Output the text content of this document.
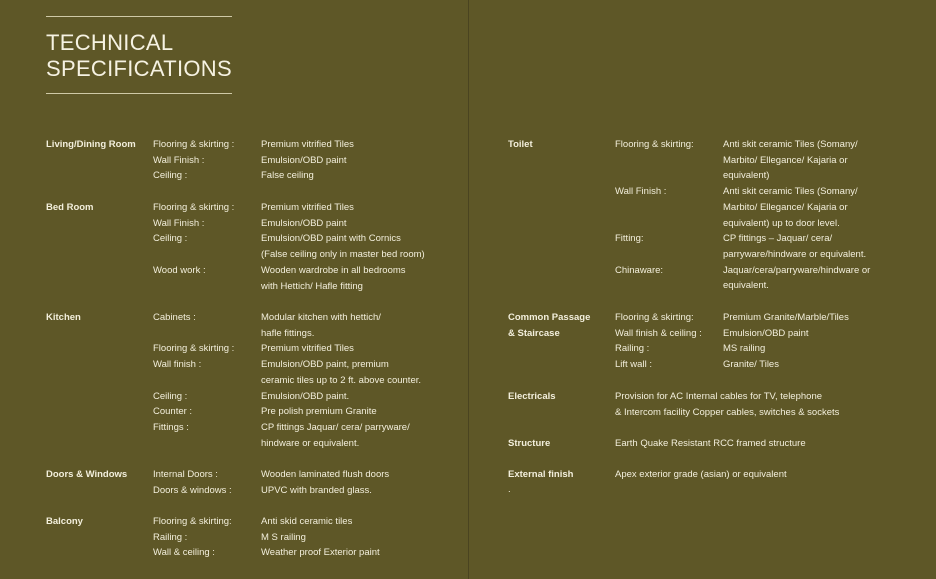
TECHNICAL
SPECIFICATIONS
Living/Dining Room	Flooring & skirting :	Premium vitrified Tiles
Wall Finish :	Emulsion/OBD paint
Ceiling :	False ceiling
Bed Room	Flooring & skirting :	Premium vitrified Tiles
Wall Finish :	Emulsion/OBD paint
Ceiling :	Emulsion/OBD paint with Cornics
(False ceiling only in master bed room)
Wood work :	Wooden wardrobe in all bedrooms
with Hettich/ Hafle fitting
Kitchen	Cabinets :	Modular kitchen with hettich/
hafle fittings.
Flooring & skirting :	Premium vitrified Tiles
Wall finish :	Emulsion/OBD paint, premium
ceramic tiles up to 2 ft. above counter.
Ceiling :	Emulsion/OBD paint.
Counter :	Pre polish premium Granite
Fittings :	CP fittings Jaquar/ cera/ parryware/
hindware or equivalent.
Doors & Windows	Internal Doors :	Wooden laminated flush doors
Doors & windows :	UPVC with branded glass.
Balcony	Flooring & skirting:	Anti skid ceramic tiles
Railing :	M S railing
Wall & ceiling :	Weather proof Exterior paint
.
Toilet	Flooring & skirting:	Anti skit ceramic Tiles (Somany/
Marbito/ Ellegance/ Kajaria or
equivalent)
Wall Finish :	Anti skit ceramic Tiles (Somany/
Marbito/ Ellegance/ Kajaria or
equivalent) up to door level.
Fitting:	CP fittings – Jaquar/ cera/
parryware/hindware or equivalent.
Chinaware:	Jaquar/cera/parryware/hindware or
equivalent.
Common Passage
& Staircase
Flooring & skirting:	Premium Granite/Marble/Tiles
Wall finish & ceiling :	Emulsion/OBD paint
Railing :	MS railing
Lift wall :	Granite/ Tiles
Electricals	Provision for AC Internal cables for TV, telephone
& Intercom facility Copper cables, switches & sockets
Structure	Earth Quake Resistant RCC framed structure
External finish	Apex exterior grade (asian) or equivalent
